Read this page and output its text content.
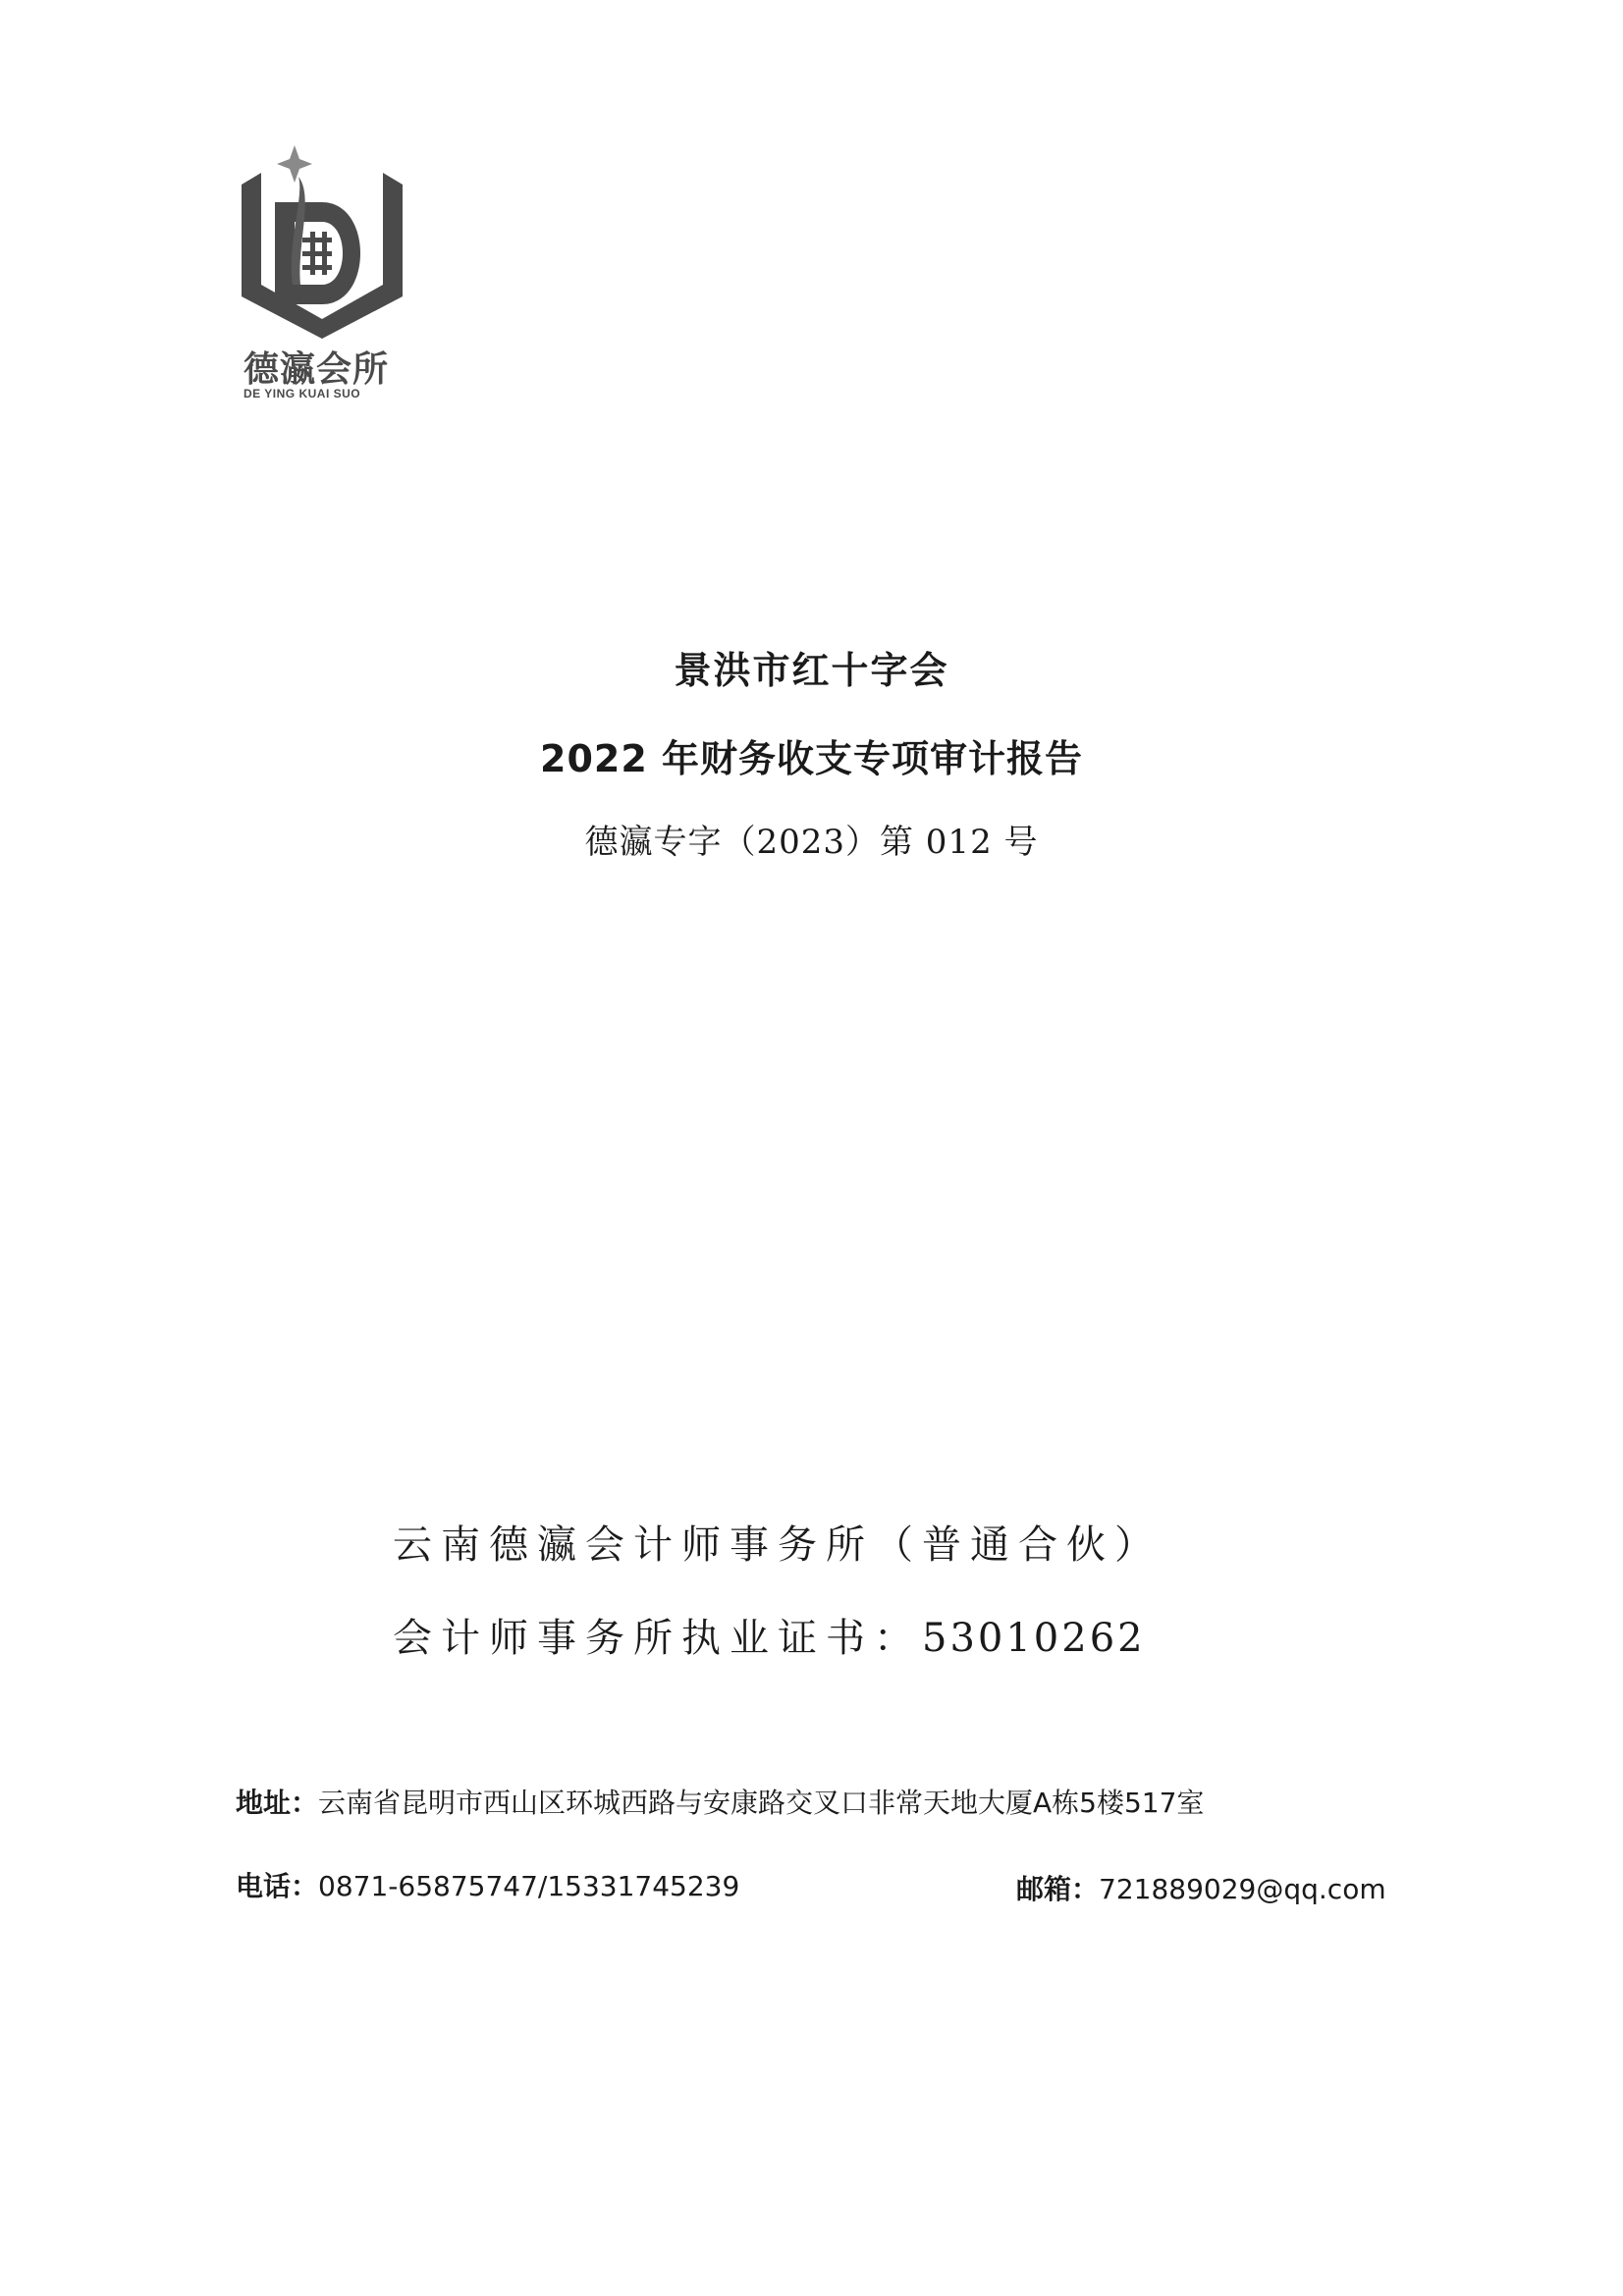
德瀛会所
DE YING KUAI SUO
景洪市红十字会
2022 年财务收支专项审计报告
德瀛专字（2023）第 012 号
云南德瀛会计师事务所（普通合伙）
会计师事务所执业证书：53010262
地址：云南省昆明市西山区环城西路与安康路交叉口非常天地大厦A栋5楼517室
电话：0871-65875747/15331745239	邮箱：721889029@qq.com
